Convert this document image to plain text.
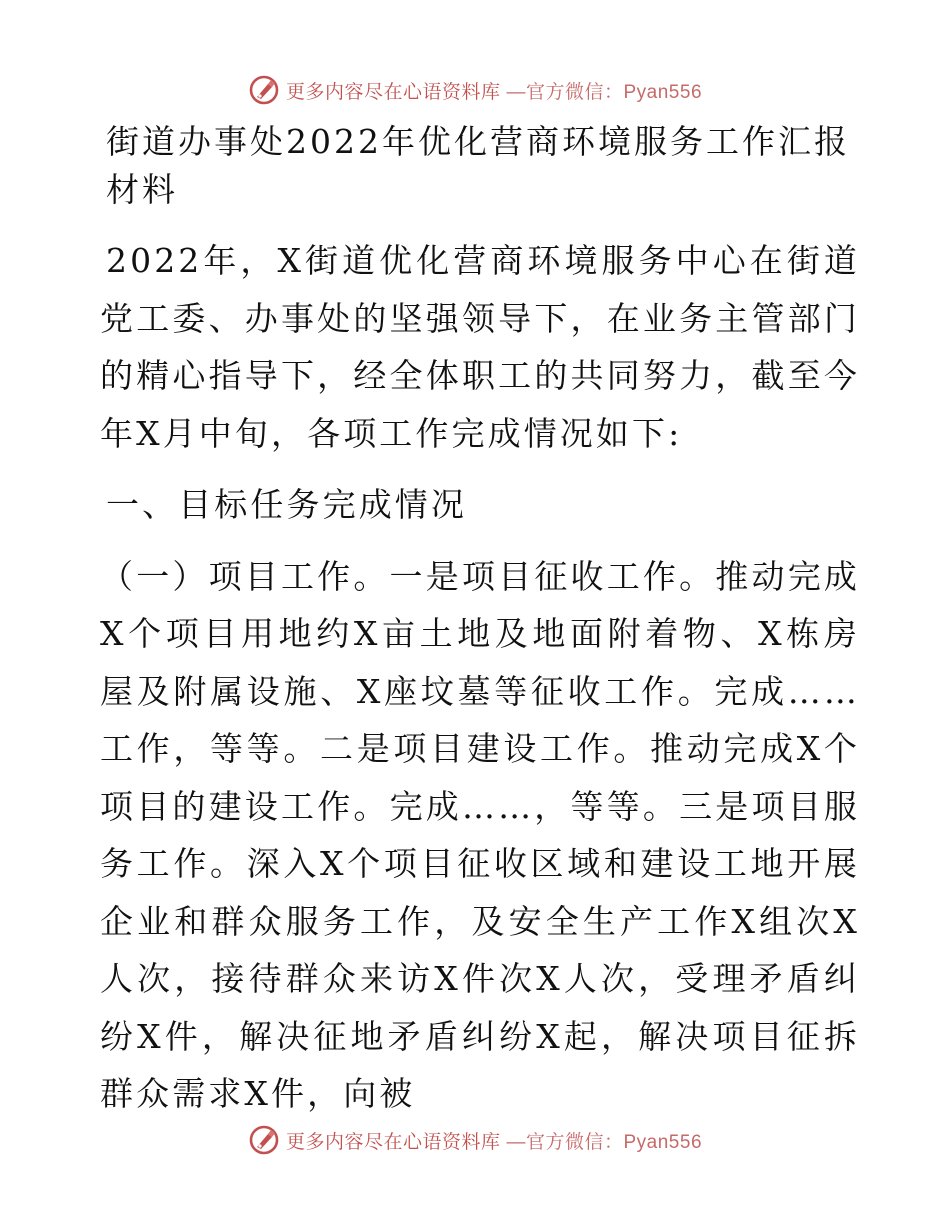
更多内容尽在心语资料库 —官方微信：Pyan556
街道办事处2022年优化营商环境服务工作汇报材料

2022年，X街道优化营商环境服务中心在街道党工委、办事处的坚强领导下，在业务主管部门的精心指导下，经全体职工的共同努力，截至今年X月中旬，各项工作完成情况如下:

一、目标任务完成情况

（一）项目工作。一是项目征收工作。推动完成X个项目用地约X亩土地及地面附着物、X栋房屋及附属设施、X座坟墓等征收工作。完成……工作，等等。二是项目建设工作。推动完成X个项目的建设工作。完成……，等等。三是项目服务工作。深入X个项目征收区域和建设工地开展企业和群众服务工作，及安全生产工作X组次X人次，接待群众来访X件次X人次，受理矛盾纠纷X件，解决征地矛盾纠纷X起，解决项目征拆群众需求X件，向被

更多内容尽在心语资料库 —官方微信：Pyan556
